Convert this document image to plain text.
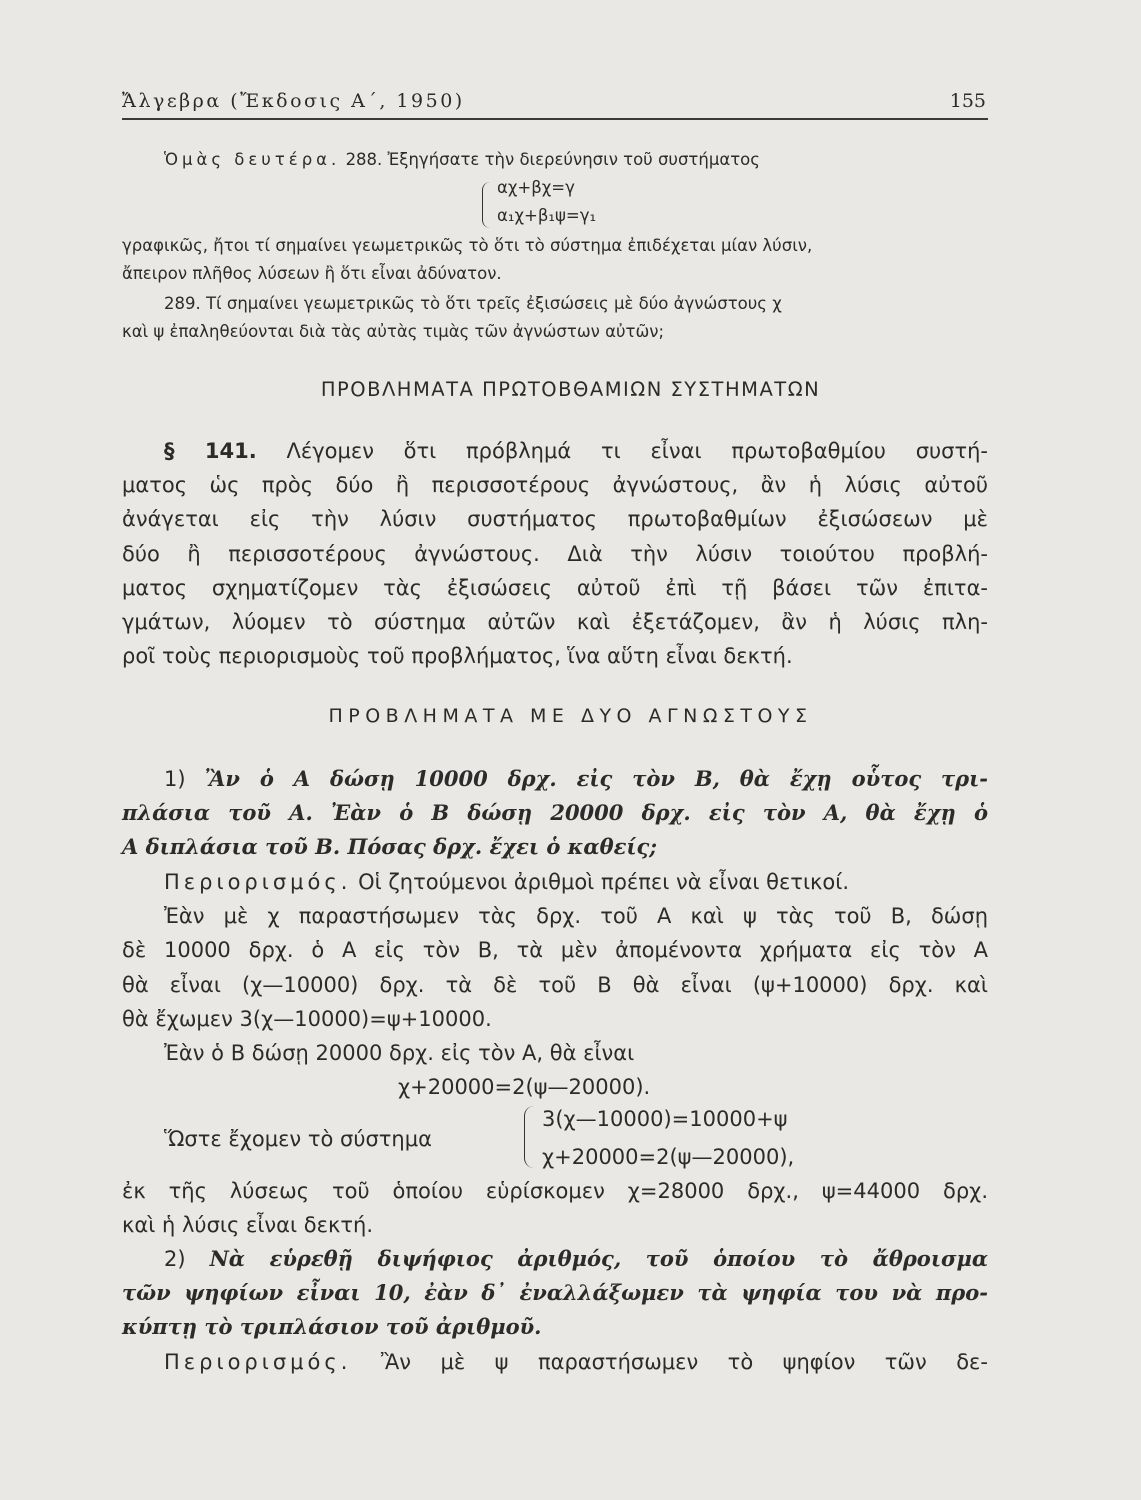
Ἄλγεβρα (Ἔκδοσις Α΄, 1950)	155
Ὁμὰς δευτέρα. 288. Ἐξηγήσατε τὴν διερεύνησιν τοῦ συστήματος
αχ+βχ=γ
α₁χ+β₁ψ=γ₁
γραφικῶς, ἤτοι τί σημαίνει γεωμετρικῶς τὸ ὅτι τὸ σύστημα ἐπιδέχεται μίαν λύσιν,
ἄπειρον πλῆθος λύσεων ἢ ὅτι εἶναι ἀδύνατον.
289. Τί σημαίνει γεωμετρικῶς τὸ ὅτι τρεῖς ἐξισώσεις μὲ δύο ἀγνώστους χ
καὶ ψ ἐπαληθεύονται διὰ τὰς αὐτὰς τιμὰς τῶν ἀγνώστων αὐτῶν;
ΠΡΟΒΛΗΜΑΤΑ ΠΡΩΤΟΒΘΑΜΙΩΝ ΣΥΣΤΗΜΑΤΩΝ

§ 141. Λέγομεν ὅτι πρόβλημά τι εἶναι πρωτοβαθμίου συστή-

ματος ὡς πρὸς δύο ἢ περισσοτέρους ἀγνώστους, ἂν ἡ λύσις αὐτοῦ

ἀνάγεται εἰς τὴν λύσιν συστήματος πρωτοβαθμίων ἐξισώσεων μὲ

δύο ἢ περισσοτέρους ἀγνώστους. Διὰ τὴν λύσιν τοιούτου προβλή-

ματος σχηματίζομεν τὰς ἐξισώσεις αὐτοῦ ἐπὶ τῇ βάσει τῶν ἐπιτα-

γμάτων, λύομεν τὸ σύστημα αὐτῶν καὶ ἐξετάζομεν, ἂν ἡ λύσις πλη-

ροῖ τοὺς περιορισμοὺς τοῦ προβλήματος, ἵνα αὕτη εἶναι δεκτή.

ΠΡΟΒΛΗΜΑΤΑ ΜΕ ΔΥΟ ΑΓΝΩΣΤΟΥΣ

1) Ἂν ὁ Α δώσῃ 10000 δρχ. εἰς τὸν Β, θὰ ἔχῃ οὗτος τρι-

πλάσια τοῦ Α. Ἐὰν ὁ Β δώσῃ 20000 δρχ. εἰς τὸν Α, θὰ ἔχῃ ὁ

Α διπλάσια τοῦ Β. Πόσας δρχ. ἔχει ὁ καθείς;

Περιορισμός. Οἱ ζητούμενοι ἀριθμοὶ πρέπει νὰ εἶναι θετικοί.

Ἐὰν μὲ χ παραστήσωμεν τὰς δρχ. τοῦ Α καὶ ψ τὰς τοῦ Β, δώσῃ

δὲ 10000 δρχ. ὁ Α εἰς τὸν Β, τὰ μὲν ἀπομένοντα χρήματα εἰς τὸν Α

θὰ εἶναι (χ—10000) δρχ. τὰ δὲ τοῦ Β θὰ εἶναι (ψ+10000) δρχ. καὶ

θὰ ἔχωμεν 3(χ—10000)=ψ+10000.

Ἐὰν ὁ Β δώσῃ 20000 δρχ. εἰς τὸν Α, θὰ εἶναι

χ+20000=2(ψ—20000).
Ὥστε ἔχομεν τὸ σύστημα
3(χ—10000)=10000+ψ
χ+20000=2(ψ—20000),

ἐκ τῆς λύσεως τοῦ ὁποίου εὑρίσκομεν χ=28000 δρχ., ψ=44000 δρχ.

καὶ ἡ λύσις εἶναι δεκτή.

2) Νὰ εὑρεθῇ διψήφιος ἀριθμός, τοῦ ὁποίου τὸ ἄθροισμα

τῶν ψηφίων εἶναι 10, ἐὰν δ᾽ ἐναλλάξωμεν τὰ ψηφία του νὰ προ-

κύπτῃ τὸ τριπλάσιον τοῦ ἀριθμοῦ.

Περιορισμός. Ἂν μὲ ψ παραστήσωμεν τὸ ψηφίον τῶν δε-
